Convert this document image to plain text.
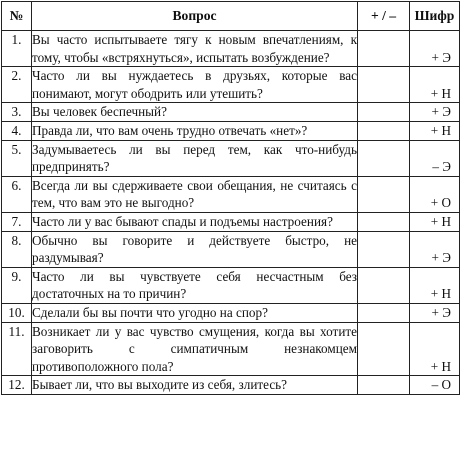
№	Вопрос	+ / –	Шифр
1.	Вы часто испытываете тягу к новым впечатлениям, к тому, чтобы «встряхнуться», испытать возбуждение?		+ Э
2.	Часто ли вы нуждаетесь в друзьях, которые вас понимают, могут ободрить или утешить?		+ Н
3.	Вы человек беспечный?		+ Э
4.	Правда ли, что вам очень трудно отвечать «нет»?		+ Н
5.	Задумываетесь ли вы перед тем, как что-нибудь предпринять?		– Э
6.	Всегда ли вы сдерживаете свои обещания, не считаясь с тем, что вам это не выгодно?		+ О
7.	Часто ли у вас бывают спады и подъемы настроения?		+ Н
8.	Обычно вы говорите и действуете быстро, не раздумывая?		+ Э
9.	Часто ли вы чувствуете себя несчастным без достаточных на то причин?		+ Н
10.	Сделали бы вы почти что угодно на спор?		+ Э
11.	Возникает ли у вас чувство смущения, когда вы хотите заговорить с симпатичным незнакомцем противоположного пола?		+ Н
12.	Бывает ли, что вы выходите из себя, злитесь?		– О
